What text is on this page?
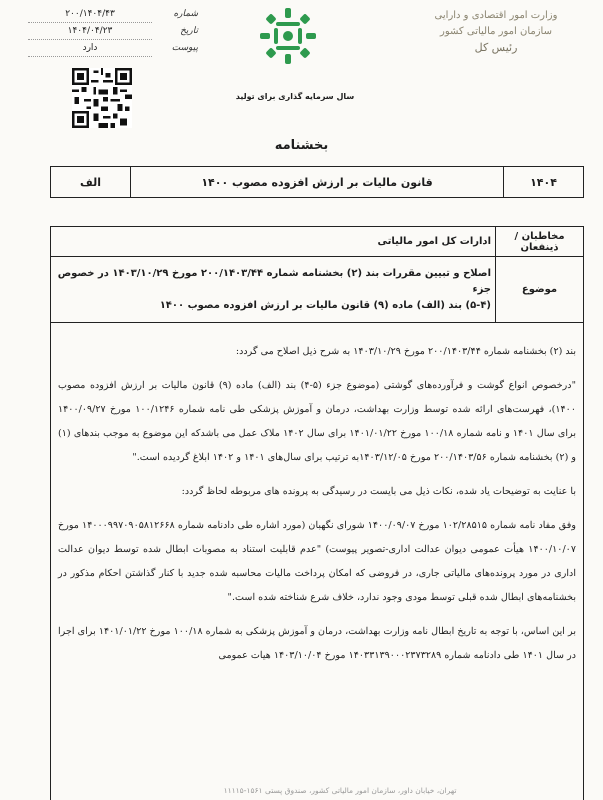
وزارت امور اقتصادی و دارایی
سازمان امور مالیاتی کشور
رئیس کل
سال سرمایه گذاری برای تولید
شماره
۲۰۰/۱۴۰۴/۴۳
تاریخ
۱۴۰۴/۰۴/۲۳
پیوست
دارد
بخشنامه
۱۴۰۴	قانون مالیات بر ارزش افزوده مصوب ۱۴۰۰	الف
مخاطبان / ذینفعان	ادارات کل امور مالیاتی
موضوع	اصلاح و تبیین مقررات بند (۲) بخشنامه شماره ۲۰۰/۱۴۰۳/۴۴ مورخ ۱۴۰۳/۱۰/۲۹ در خصوص جزء
(۵-۴) بند (الف) ماده (۹) قانون مالیات بر ارزش افزوده مصوب ۱۴۰۰

بند (۲) بخشنامه شماره ۲۰۰/۱۴۰۳/۴۴ مورخ ۱۴۰۳/۱۰/۲۹ به شرح ذیل اصلاح می گردد:

"درخصوص انواع گوشت و فرآورده‌های گوشتی (موضوع جزء (۵-۴) بند (الف) ماده (۹) قانون مالیات بر ارزش افزوده مصوب ۱۴۰۰)، فهرست‌های ارائه شده توسط وزارت بهداشت، درمان و آموزش پزشکی طی نامه شماره ۱۰۰/۱۲۴۶ مورخ ۱۴۰۰/۰۹/۲۷ برای سال ۱۴۰۱ و نامه شماره ۱۰۰/۱۸ مورخ ۱۴۰۱/۰۱/۲۲ برای سال ۱۴۰۲ ملاک عمل می باشدکه این موضوع به موجب بندهای (۱) و (۲) بخشنامه شماره ۲۰۰/۱۴۰۳/۵۶ مورخ ۱۴۰۳/۱۲/۰۵به ترتیب برای سال‌های ۱۴۰۱ و ۱۴۰۲ ابلاغ گردیده است."

با عنایت به توضیحات یاد شده، نکات ذیل می بایست در رسیدگی به پرونده های مربوطه لحاظ گردد:

وفق مفاد نامه شماره ۱۰۲/۲۸۵۱۵ مورخ ۱۴۰۰/۰۹/۰۷ شورای نگهبان (مورد اشاره طی دادنامه شماره ۱۴۰۰۰۹۹۷۰۹۰۵۸۱۲۶۶۸ مورخ ۱۴۰۰/۱۰/۰۷ هیأت عمومی دیوان عدالت اداری-تصویر پیوست) "عدم قابلیت استناد به مصوبات ابطال شده توسط دیوان عدالت اداری در مورد پرونده‌های مالیاتی جاری، در فروضی که امکان پرداخت مالیات محاسبه شده جدید با کنار گذاشتن احکام مذکور در بخشنامه‌های ابطال شده قبلی توسط مودی وجود ندارد، خلاف شرع شناخته شده است."

بر این اساس، با توجه به تاریخ ابطال نامه وزارت بهداشت، درمان و آموزش پزشکی به شماره ۱۰۰/۱۸ مورخ ۱۴۰۱/۰۱/۲۲ برای اجرا در سال ۱۴۰۱ طی دادنامه شماره ۱۴۰۳۳۱۳۹۰۰۰۲۳۷۳۲۸۹ مورخ ۱۴۰۳/۱۰/۰۴ هیات عمومی

تهران، خیابان داور، سازمان امور مالیاتی کشور، صندوق پستی ۱۵۶۱-۱۱۱۱۵
